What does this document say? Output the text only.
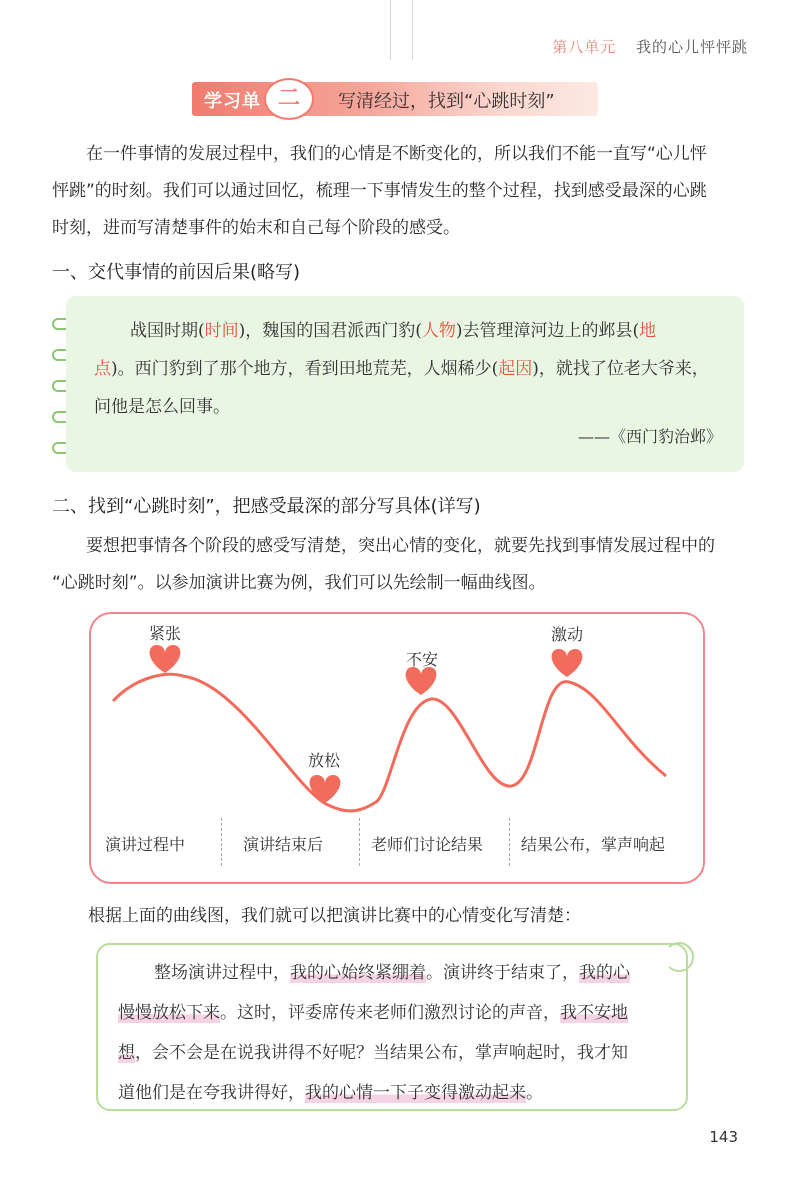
第八单元 我的心儿怦怦跳
学习单 二	写清经过，找到“心跳时刻”
在一件事情的发展过程中，我们的心情是不断变化的，所以我们不能一直写“心儿怦
怦跳”的时刻。我们可以通过回忆，梳理一下事情发生的整个过程，找到感受最深的心跳
时刻，进而写清楚事件的始末和自己每个阶段的感受。
一、交代事情的前因后果(略写)
战国时期(时间)，魏国的国君派西门豹(人物)去管理漳河边上的邺县(地
点)。西门豹到了那个地方，看到田地荒芜，人烟稀少(起因)，就找了位老大爷来，
问他是怎么回事。
——《西门豹治邺》
二、找到“心跳时刻”，把感受最深的部分写具体(详写)
要想把事情各个阶段的感受写清楚，突出心情的变化，就要先找到事情发展过程中的
“心跳时刻”。以参加演讲比赛为例，我们可以先绘制一幅曲线图。
紧张
放松
不安
激动
演讲过程中	演讲结束后	老师们讨论结果 结果公布，掌声响起
根据上面的曲线图，我们就可以把演讲比赛中的心情变化写清楚：
整场演讲过程中，我的心始终紧绷着。演讲终于结束了，我的心
慢慢放松下来。这时，评委席传来老师们激烈讨论的声音，我不安地
想，会不会是在说我讲得不好呢？当结果公布，掌声响起时，我才知
道他们是在夸我讲得好，我的心情一下子变得激动起来。
143
